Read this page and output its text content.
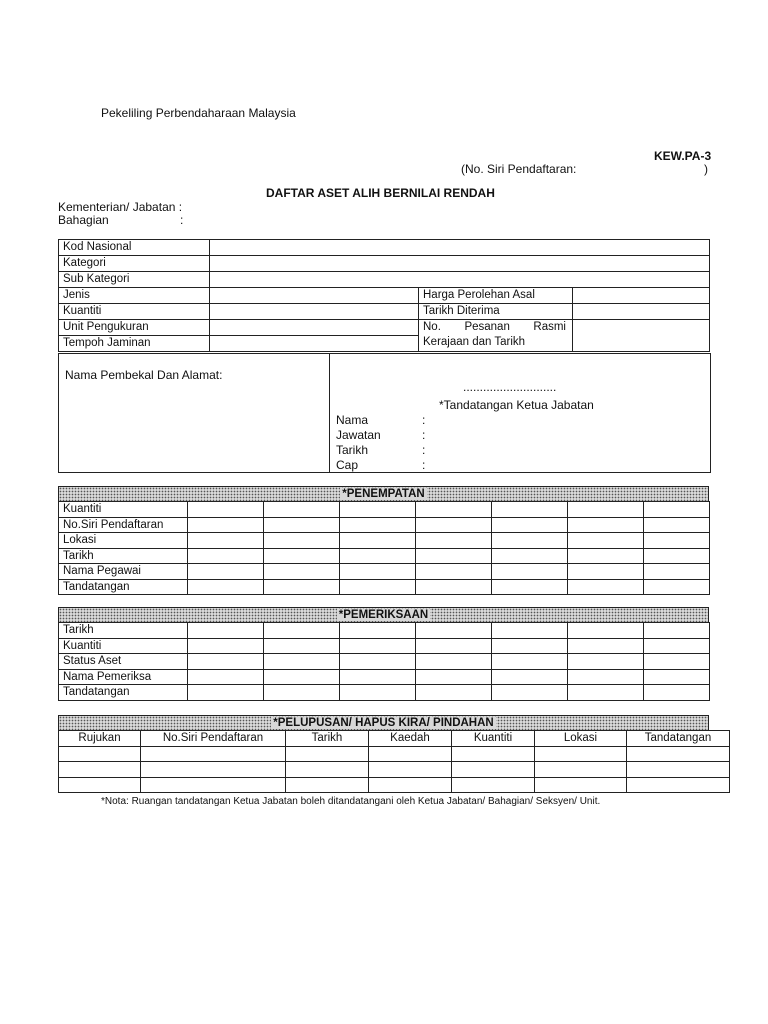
Pekeliling Perbendaharaan Malaysia
KEW.PA-3
(No. Siri Pendaftaran:	)
DAFTAR ASET ALIH BERNILAI RENDAH
Kementerian/ Jabatan :
Bahagian	:
Kod Nasional			
Kategori			
Sub Kategori			
Jenis		Harga Perolehan Asal	
Kuantiti		Tarikh Diterima	
Unit Pengukuran		No. Pesanan Rasmi
Kerajaan dan Tarikh	

Tempoh Jaminan			
Nama Pembekal Dan Alamat:
............................
*Tandatangan Ketua Jabatan
Nama	:
Jawatan	:
Tarikh	:
Cap	:
*PENEMPATAN
Kuantiti							
No.Siri Pendaftaran							
Lokasi							
Tarikh							
Nama Pegawai							
Tandatangan							
*PEMERIKSAAN
Tarikh							
Kuantiti							
Status Aset							
Nama Pemeriksa							
Tandatangan							
*PELUPUSAN/ HAPUS KIRA/ PINDAHAN
Rujukan	No.Siri Pendaftaran	Tarikh	Kaedah	Kuantiti	Lokasi	Tandatangan

*Nota: Ruangan tandatangan Ketua Jabatan boleh ditandatangani oleh Ketua Jabatan/ Bahagian/ Seksyen/ Unit.
